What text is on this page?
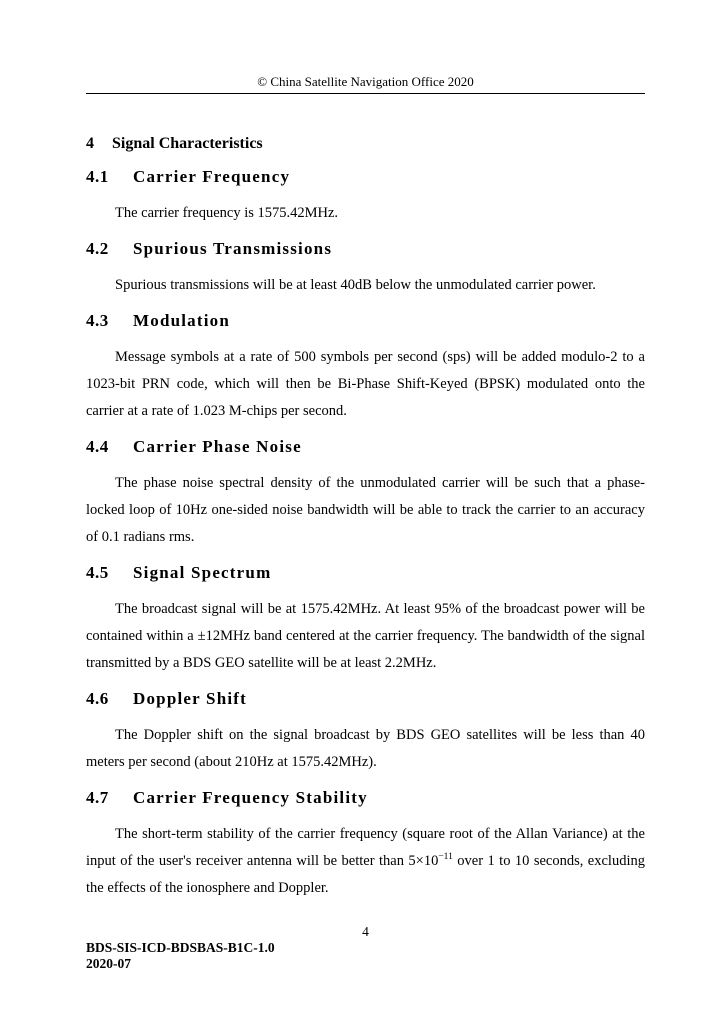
© China Satellite Navigation Office 2020
4 Signal Characteristics
4.1 Carrier Frequency

The carrier frequency is 1575.42MHz.

4.2 Spurious Transmissions

Spurious transmissions will be at least 40dB below the unmodulated carrier power.

4.3 Modulation

Message symbols at a rate of 500 symbols per second (sps) will be added modulo-2 to a 1023-bit PRN code, which will then be Bi-Phase Shift-Keyed (BPSK) modulated onto the carrier at a rate of 1.023 M-chips per second.

4.4 Carrier Phase Noise

The phase noise spectral density of the unmodulated carrier will be such that a phase-locked loop of 10Hz one-sided noise bandwidth will be able to track the carrier to an accuracy of 0.1 radians rms.

4.5 Signal Spectrum

The broadcast signal will be at 1575.42MHz. At least 95% of the broadcast power will be contained within a ±12MHz band centered at the carrier frequency. The bandwidth of the signal transmitted by a BDS GEO satellite will be at least 2.2MHz.

4.6 Doppler Shift

The Doppler shift on the signal broadcast by BDS GEO satellites will be less than 40 meters per second (about 210Hz at 1575.42MHz).

4.7 Carrier Frequency Stability

The short-term stability of the carrier frequency (square root of the Allan Variance) at the input of the user's receiver antenna will be better than $5\times 10^{-11}$ over 1 to 10 seconds, excluding the effects of the ionosphere and Doppler.

4
BDS-SIS-ICD-BDSBAS-B1C-1.0
2020-07
